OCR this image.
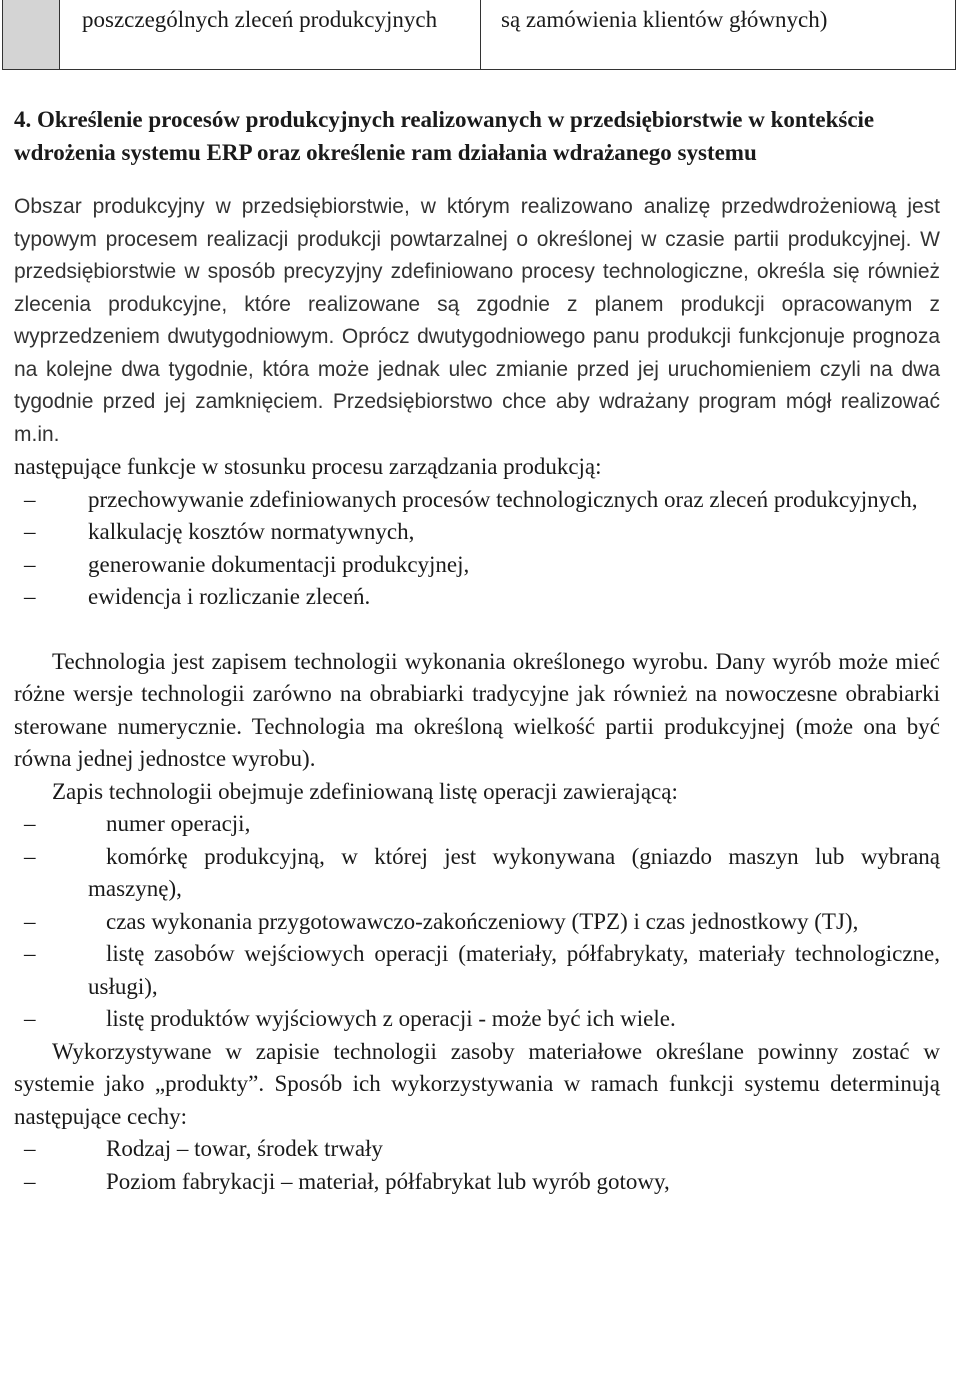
	poszczególnych zleceń produkcyjnych	są zamówienia klientów głównych)

4. Określenie procesów produkcyjnych realizowanych w przedsiębiorstwie w kontekście wdrożenia systemu ERP oraz określenie ram działania wdrażanego systemu

Obszar produkcyjny w przedsiębiorstwie, w którym realizowano analizę przedwdrożeniową jest typowym procesem realizacji produkcji powtarzalnej o określonej w czasie partii produkcyjnej. W przedsiębiorstwie w sposób precyzyjny zdefiniowano procesy technologiczne, określa się również zlecenia produkcyjne, które realizowane są zgodnie z planem produkcji opracowanym z wyprzedzeniem dwutygodniowym. Oprócz dwutygodniowego panu produkcji funkcjonuje prognoza na kolejne dwa tygodnie, która może jednak ulec zmianie przed jej uruchomieniem czyli na dwa tygodnie przed jej zamknięciem. Przedsiębiorstwo chce aby wdrażany program mógł realizować m.in.

następujące funkcje w stosunku procesu zarządzania produkcją:

– przechowywanie zdefiniowanych procesów technologicznych oraz zleceń produkcyjnych,
– kalkulację kosztów normatywnych,
– generowanie dokumentacji produkcyjnej,
– ewidencja i rozliczanie zleceń.

Technologia jest zapisem technologii wykonania określonego wyrobu. Dany wyrób może mieć różne wersje technologii zarówno na obrabiarki tradycyjne jak również na nowoczesne obrabiarki sterowane numerycznie. Technologia ma określoną wielkość partii produkcyjnej (może ona być równa jednej jednostce wyrobu).

Zapis technologii obejmuje zdefiniowaną listę operacji zawierającą:

–	numer operacji,
–	komórkę produkcyjną, w której jest wykonywana (gniazdo maszyn lub wybraną maszynę),
–	czas wykonania przygotowawczo-zakończeniowy (TPZ) i czas jednostkowy (TJ),
–	listę zasobów wejściowych operacji (materiały, półfabrykaty, materiały technologiczne, usługi),
–	listę produktów wyjściowych z operacji - może być ich wiele.

Wykorzystywane w zapisie technologii zasoby materiałowe określane powinny zostać w systemie jako „produkty”. Sposób ich wykorzystywania w ramach funkcji systemu determinują następujące cechy:

–	Rodzaj – towar, środek trwały
–	Poziom fabrykacji – materiał, półfabrykat lub wyrób gotowy,
